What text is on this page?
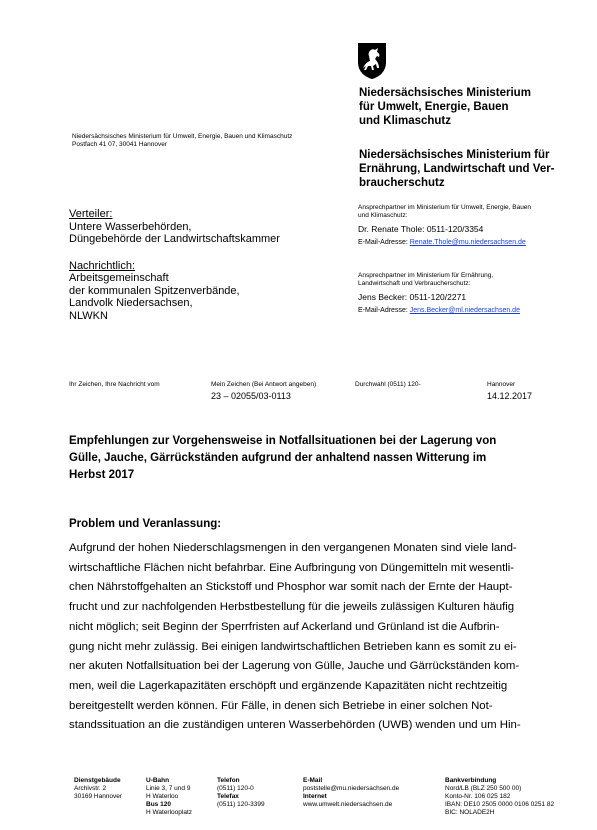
Niedersächsisches Ministerium
für Umwelt, Energie, Bauen
und Klimaschutz
Niedersächsisches Ministerium für
Ernährung, Landwirtschaft und Ver-
braucherschutz
Niedersächsisches Ministerium für Umwelt, Energie, Bauen und Klimaschutz
Postfach 41 07, 30041 Hannover
Verteiler:
Untere Wasserbehörden,
Düngebehörde der Landwirtschaftskammer
Nachrichtlich:
Arbeitsgemeinschaft
der kommunalen Spitzenverbände,
Landvolk Niedersachsen,
NLWKN
Ansprechpartner im Ministerium für Umwelt, Energie, Bauen
und Klimaschutz:
Dr. Renate Thole: 0511-120/3354
E-Mail-Adresse: Renate.Thole@mu.niedersachsen.de
Ansprechpartner im Ministerium für Ernährung,
Landwirtschaft und Verbraucherschutz:
Jens Becker: 0511-120/2271
E-Mail-Adresse: Jens.Becker@ml.niedersachsen.de
Ihr Zeichen, Ihre Nachricht vom	Mein Zeichen (Bei Antwort angeben)
23 – 02055/03-0113
Durchwahl (0511) 120-	Hannover
14.12.2017
Empfehlungen zur Vorgehensweise in Notfallsituationen bei der Lagerung von
Gülle, Jauche, Gärrückständen aufgrund der anhaltend nassen Witterung im
Herbst 2017
Problem und Veranlassung:
Aufgrund der hohen Niederschlagsmengen in den vergangenen Monaten sind viele land-
wirtschaftliche Flächen nicht befahrbar. Eine Aufbringung von Düngemitteln mit wesentli-
chen Nährstoffgehalten an Stickstoff und Phosphor war somit nach der Ernte der Haupt-
frucht und zur nachfolgenden Herbstbestellung für die jeweils zulässigen Kulturen häufig
nicht möglich; seit Beginn der Sperrfristen auf Ackerland und Grünland ist die Aufbrin-
gung nicht mehr zulässig. Bei einigen landwirtschaftlichen Betrieben kann es somit zu ei-
ner akuten Notfallsituation bei der Lagerung von Gülle, Jauche und Gärrückständen kom-
men, weil die Lagerkapazitäten erschöpft und ergänzende Kapazitäten nicht rechtzeitig
bereitgestellt werden können. Für Fälle, in denen sich Betriebe in einer solchen Not-
standssituation an die zuständigen unteren Wasserbehörden (UWB) wenden und um Hin-
Dienstgebäude
Archivstr. 2
30169 Hannover
U-Bahn
Linie 3, 7 und 9
H Waterloo
Bus 120
H Waterlooplatz
Telefon
(0511) 120-0
Telefax
(0511) 120-3399
E-Mail
poststelle@mu.niedersachsen.de
Internet
www.umwelt.niedersachsen.de
Bankverbindung
Nord/LB (BLZ 250 500 00)
Konto-Nr. 106 025 182
IBAN: DE10 2505 0000 0106 0251 82
BIC: NOLADE2H
